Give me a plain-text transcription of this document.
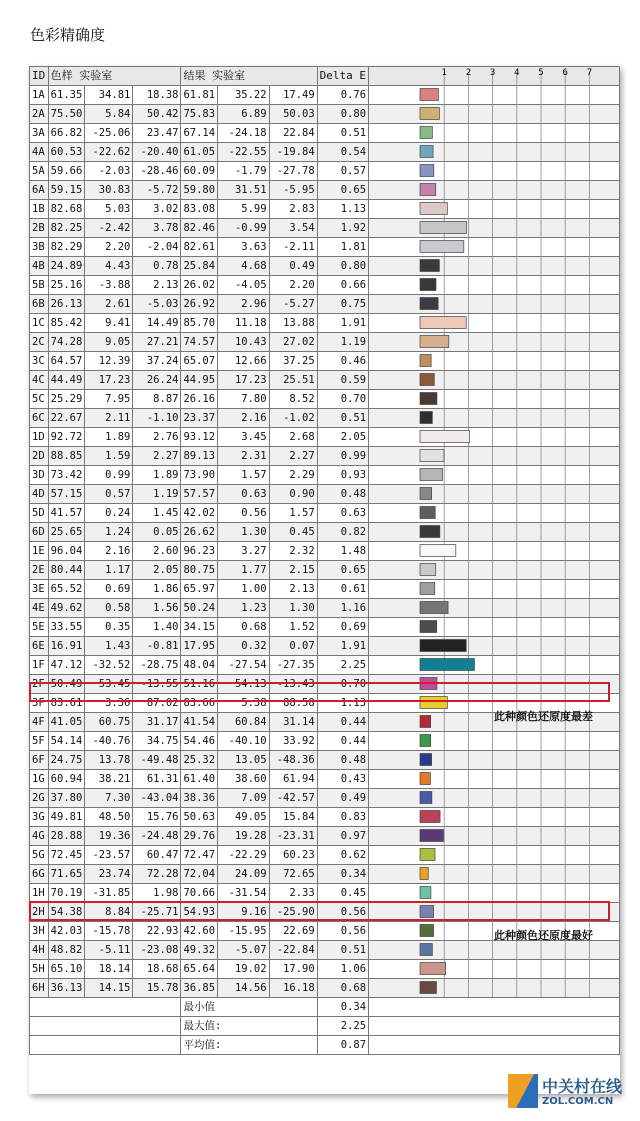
色彩精确度
ID	色样 实验室			结果 实验室			Delta E	
1A	61.35	34.81	18.38	61.81	35.22	17.49	0.76	
2A	75.50	5.84	50.42	75.83	6.89	50.03	0.80	
3A	66.82	-25.06	23.47	67.14	-24.18	22.84	0.51	
4A	60.53	-22.62	-20.40	61.05	-22.55	-19.84	0.54	
5A	59.66	-2.03	-28.46	60.09	-1.79	-27.78	0.57	
6A	59.15	30.83	-5.72	59.80	31.51	-5.95	0.65	
1B	82.68	5.03	3.02	83.08	5.99	2.83	1.13	
2B	82.25	-2.42	3.78	82.46	-0.99	3.54	1.92	
3B	82.29	2.20	-2.04	82.61	3.63	-2.11	1.81	
4B	24.89	4.43	0.78	25.84	4.68	0.49	0.80	
5B	25.16	-3.88	2.13	26.02	-4.05	2.20	0.66	
6B	26.13	2.61	-5.03	26.92	2.96	-5.27	0.75	
1C	85.42	9.41	14.49	85.70	11.18	13.88	1.91	
2C	74.28	9.05	27.21	74.57	10.43	27.02	1.19	
3C	64.57	12.39	37.24	65.07	12.66	37.25	0.46	
4C	44.49	17.23	26.24	44.95	17.23	25.51	0.59	
5C	25.29	7.95	8.87	26.16	7.80	8.52	0.70	
6C	22.67	2.11	-1.10	23.37	2.16	-1.02	0.51	
1D	92.72	1.89	2.76	93.12	3.45	2.68	2.05	
2D	88.85	1.59	2.27	89.13	2.31	2.27	0.99	
3D	73.42	0.99	1.89	73.90	1.57	2.29	0.93	
4D	57.15	0.57	1.19	57.57	0.63	0.90	0.48	
5D	41.57	0.24	1.45	42.02	0.56	1.57	0.63	
6D	25.65	1.24	0.05	26.62	1.30	0.45	0.82	
1E	96.04	2.16	2.60	96.23	3.27	2.32	1.48	
2E	80.44	1.17	2.05	80.75	1.77	2.15	0.65	
3E	65.52	0.69	1.86	65.97	1.00	2.13	0.61	
4E	49.62	0.58	1.56	50.24	1.23	1.30	1.16	
5E	33.55	0.35	1.40	34.15	0.68	1.52	0.69	
6E	16.91	1.43	-0.81	17.95	0.32	0.07	1.91	
1F	47.12	-32.52	-28.75	48.04	-27.54	-27.35	2.25	
2F	50.49	53.45	-13.55	51.16	54.13	-13.43	0.70	
3F	83.61	3.36	87.02	83.66	5.38	88.58	1.13	
4F	41.05	60.75	31.17	41.54	60.84	31.14	0.44	
5F	54.14	-40.76	34.75	54.46	-40.10	33.92	0.44	
6F	24.75	13.78	-49.48	25.32	13.05	-48.36	0.48	
1G	60.94	38.21	61.31	61.40	38.60	61.94	0.43	
2G	37.80	7.30	-43.04	38.36	7.09	-42.57	0.49	
3G	49.81	48.50	15.76	50.63	49.05	15.84	0.83	
4G	28.88	19.36	-24.48	29.76	19.28	-23.31	0.97	
5G	72.45	-23.57	60.47	72.47	-22.29	60.23	0.62	
6G	71.65	23.74	72.28	72.04	24.09	72.65	0.34	
1H	70.19	-31.85	1.98	70.66	-31.54	2.33	0.45	
2H	54.38	8.84	-25.71	54.93	9.16	-25.90	0.56	
3H	42.03	-15.78	22.93	42.60	-15.95	22.69	0.56	
4H	48.82	-5.11	-23.08	49.32	-5.07	-22.84	0.51	
5H	65.10	18.14	18.68	65.64	19.02	17.90	1.06	
6H	36.13	14.15	15.78	36.85	14.56	16.18	0.68	
				最小值			0.34	
				最大值:			2.25	
				平均值:			0.87	
1 2 3 4 5 6 7
此种颜色还原度最差
此种颜色还原度最好
中关村在线
ZOL.COM.CN
